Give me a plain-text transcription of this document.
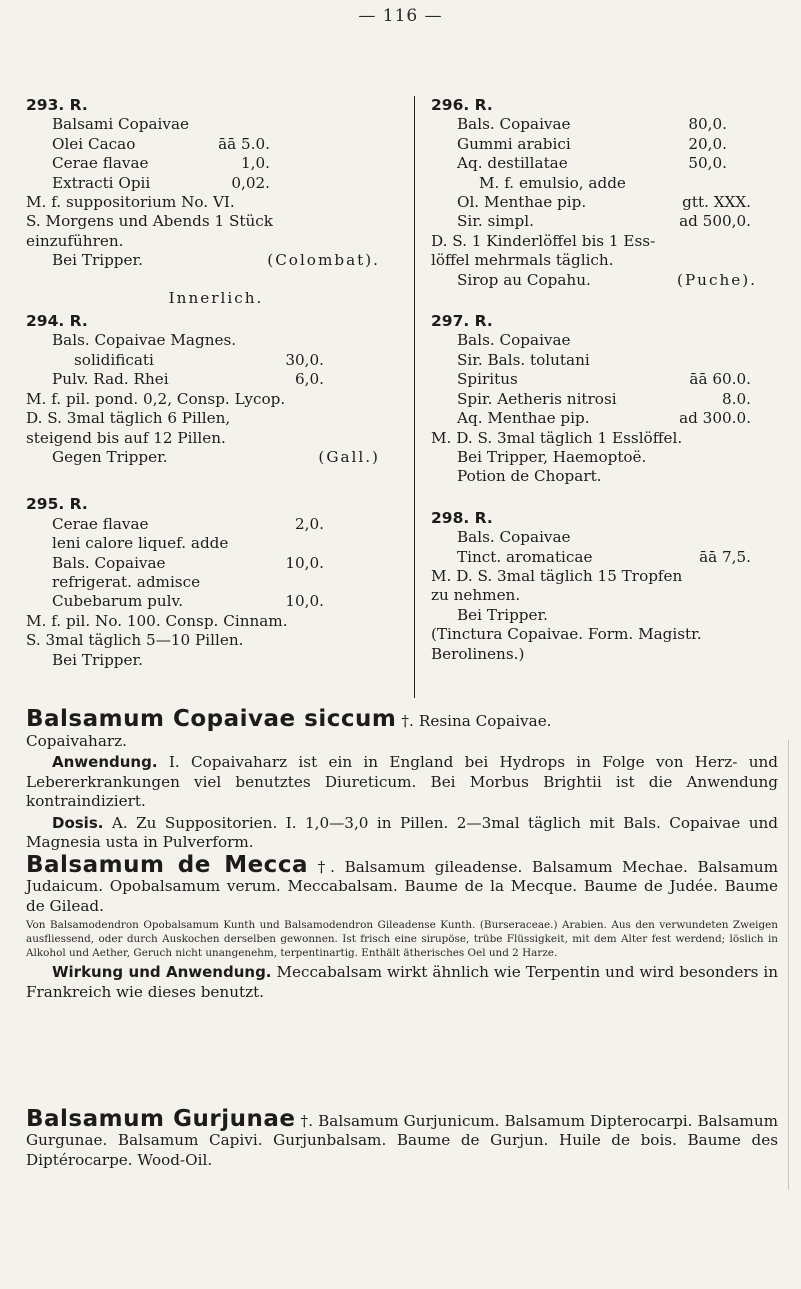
— 116 —
293. R.
Balsami Copaivae
Olei Cacao	āā 5.0.
Cerae flavae	1,0.
Extracti Opii	0,02.
M. f. suppositorium No. VI.
S. Morgens und Abends 1 Stück
einzuführen.
Bei Tripper.	(Colombat).
Innerlich.
294. R.
Bals. Copaivae Magnes.
solidificati	30,0.
Pulv. Rad. Rhei	6,0.
M. f. pil. pond. 0,2, Consp. Lycop.
D. S. 3mal täglich 6 Pillen,
steigend bis auf 12 Pillen.
Gegen Tripper.	(Gall.)
295. R.
Cerae flavae	2,0.
leni calore liquef. adde
Bals. Copaivae	10,0.
refrigerat. admisce
Cubebarum pulv.	10,0.
M. f. pil. No. 100. Consp. Cinnam.
S. 3mal täglich 5—10 Pillen.
Bei Tripper.
296. R.
Bals. Copaivae	80,0.
Gummi arabici	20,0.
Aq. destillatae	50,0.
M. f. emulsio, adde
Ol. Menthae pip.	gtt. XXX.
Sir. simpl.	ad 500,0.
D. S. 1 Kinderlöffel bis 1 Ess-
löffel mehrmals täglich.
Sirop au Copahu.	(Puche).
297. R.
Bals. Copaivae
Sir. Bals. tolutani
Spiritus	āā 60.0.
Spir. Aetheris nitrosi	8.0.
Aq. Menthae pip.	ad 300.0.
M. D. S. 3mal täglich 1 Esslöffel.
Bei Tripper, Haemoptoë.
Potion de Chopart.
298. R.
Bals. Copaivae
Tinct. aromaticae	āā 7,5.
M. D. S. 3mal täglich 15 Tropfen
zu nehmen.
Bei Tripper.
(Tinctura Copaivae. Form. Magistr.
Berolinens.)
Balsamum Copaivae siccum †. Resina Copaivae.
Copaivaharz.
Anwendung. I. Copaivaharz ist ein in England bei Hydrops in Folge von Herz- und Lebererkrankungen viel benutztes Diureticum. Bei Morbus Brightii ist die Anwendung kontraindiziert.
Dosis. A. Zu Suppositorien. I. 1,0—3,0 in Pillen. 2—3mal täglich mit Bals. Copaivae und Magnesia usta in Pulverform.
Balsamum de Mecca †. Balsamum gileadense. Balsamum Mechae. Balsamum Judaicum. Opobalsamum verum. Meccabalsam. Baume de la Mecque. Baume de Judée. Baume de Gilead.
Von Balsamodendron Opobalsamum Kunth und Balsamodendron Gileadense Kunth. (Burseraceae.) Arabien. Aus den verwundeten Zweigen ausfliessend, oder durch Auskochen derselben gewonnen. Ist frisch eine sirupöse, trübe Flüssigkeit, mit dem Alter fest werdend; löslich in Alkohol und Aether, Geruch nicht unangenehm, terpentinartig. Enthält ätherisches Oel und 2 Harze.
Wirkung und Anwendung. Meccabalsam wirkt ähnlich wie Terpentin und wird besonders in Frankreich wie dieses benutzt.
Balsamum Gurjunae †. Balsamum Gurjunicum. Balsamum Dipterocarpi. Balsamum Gurgunae. Balsamum Capivi. Gurjunbalsam. Baume de Gurjun. Huile de bois. Baume des Diptérocarpe. Wood-Oil.
